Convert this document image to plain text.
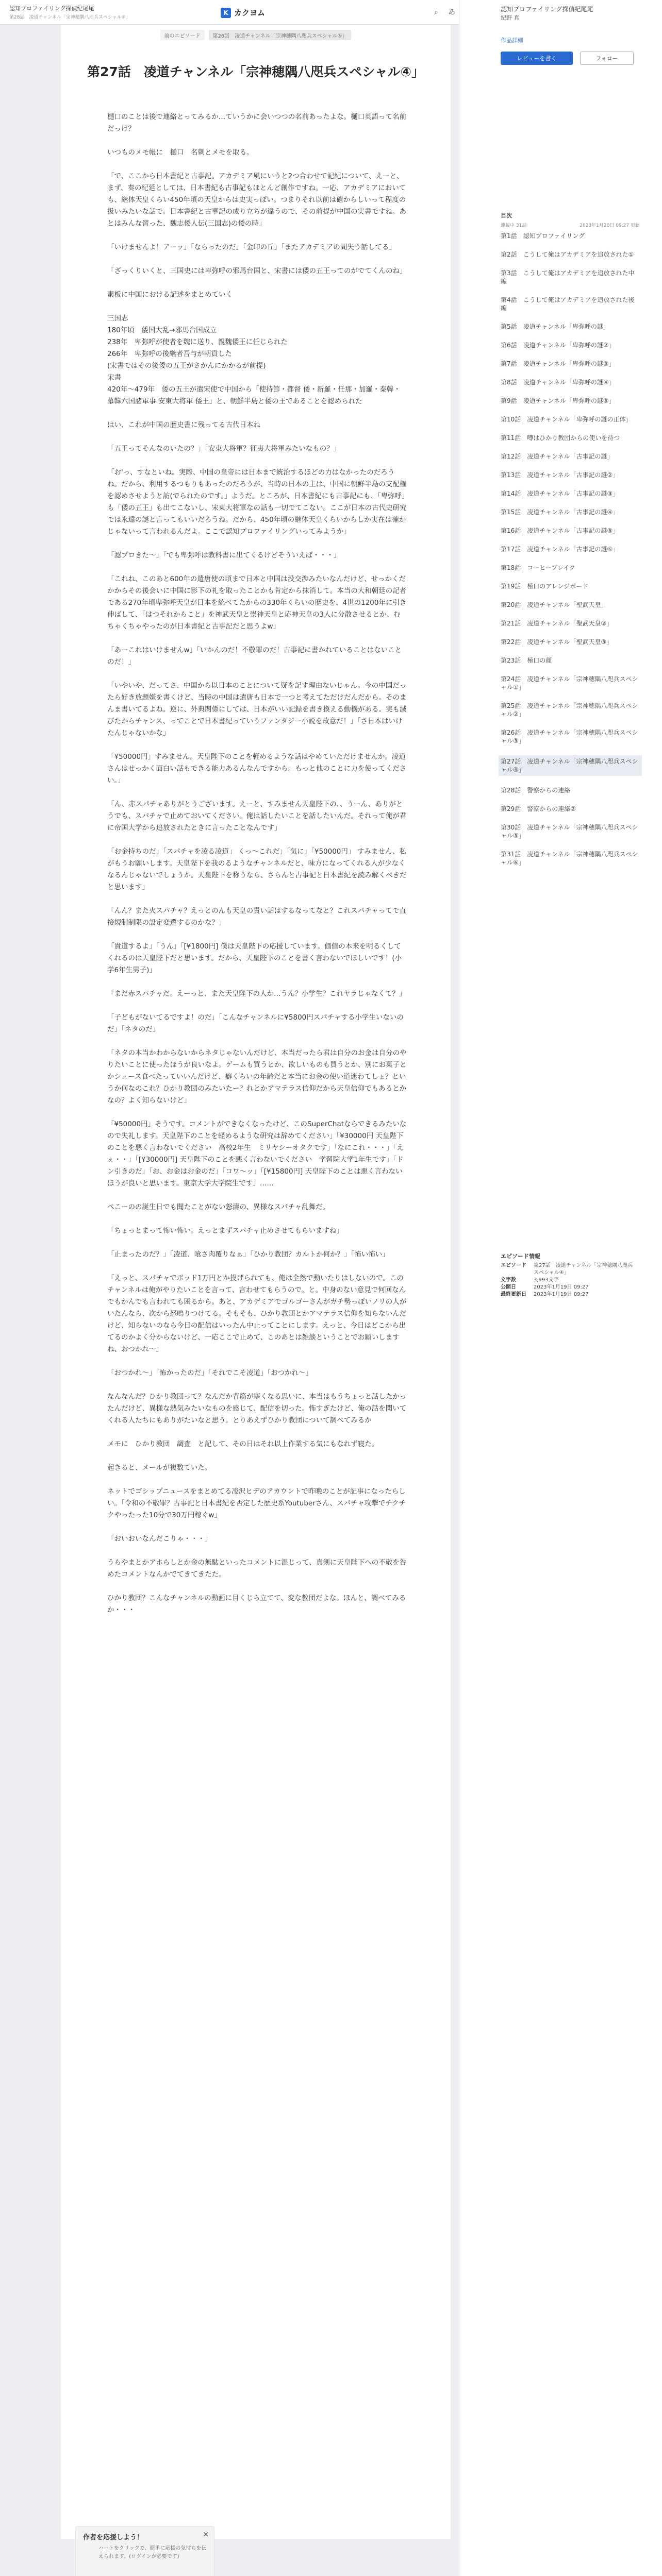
認知プロファイリング探偵纪尾尾
第28話　凌道チャンネル「宗神穂隅八咫兵スペシャル④」
K カクヨム	⌕	あ
前のエピソード	第26話　凌道チャンネル「宗神穂隅八咫兵スペシャル⑤」
第27話　凌道チャンネル「宗神穂隅八咫兵スペシャル④」

樋口のことは後で連絡とってみるか…ていうかに会いつつの名前あったよな。樋口英語って名前だっけ？

いつものメモ帳に　樋口　名刺とメモを取る。

「で、ここから日本書紀と古事記。アカデミア風にいうと2つ合わせて記紀について、えーと、まず、奏の紀延としては、日本書紀も古事記もほとんど創作ですね。一応、アカデミアにおいても、継体天皇くらい450年頃の天皇からは史実っぽい。つまりそれ以前は確からしいって程度の扱いみたいな話で。日本書紀と古事記の成り立ちが違うので、その前提が中国の実書ですね。あとはみんな習った、魏志倭人伝(三国志)の倭の時」

「いけませんよ！アーッ」「ならったのだ」「金印の丘」「またアカデミアの間失う話してる」

「ざっくりいくと、三国史には卑弥呼の邪馬台国と、宋書には倭の五王ってのがでてくんのね」

素板に中国における記述をまとめていく

三国志
180年頃　倭国大乱→邪馬台国成立
238年　卑弥呼が使者を魏に送り、親魏倭王に任じられた
266年　卑弥呼の後継者吾与が朝貢した
(宋書ではその後倭の五王がさかんにかかるが前提)
宋書
420年〜479年　倭の五王が遣宋使で中国から「使持節・都督 倭・新羅・任那・加羅・秦韓・慕韓六国諸軍事 安東大将軍 倭王」と、朝鮮半島と倭の王であることを認められた

はい、これが中国の歴史書に残ってる古代日本ね

「五王ってそんなのいたの？」「安東大将軍？征夷大将軍みたいなもの？」

「お'っ、すなといね。実際、中国の皇帝には日本まで統治するほどの力はなかったのだろうね。だから、利用するつもりもあったのだろうが、当時の日本の主は、中国に朝鮮半島の支配権を認めさせようと訪(でられたのです。」ようだ。ところが、日本書紀にも古事記にも、「卑弥呼」も「倭の五王」も出てこないし、宋東大将軍なの話も一切でてこない。ここが日本の古代史研究では永遠の謎と言ってもいいだろうね。だから、450年頃の継体天皇くらいからしか実在は確かじゃないって言われるんだよ。ここで認知プロファイリングいってみようか」

「認プロきた～」「でも卑弥呼は教科書に出てくるけどそういえば・・・」

「これね、このあと600年の遣唐使の頃まで日本と中国は没交渉みたいなんだけど、せっかくだかからその後会いに中国に影下の礼を取ったことかも肯定から抹消して。本当の大和朝廷の記者である270年頃卑弥呼天皇が日本を統べてたからの330年くらいの歴史を、4世の1200年に引き伸ばして、「はつそれからこと」を神武天皇と崇神天皇と応神天皇の3人に分散させるとか、むちゃくちゃやったのが日本書紀と古事記だと思うよw」

「あーこれはいけませんw」「いかんのだ！不敬罪のだ！古事記に書かれていることはないことのだ！」

「いやいや、だってさ、中国から以日本のことについて疑を記す理由ないじゃん。今の中国だったら好き放題嫌を書くけど、当時の中国は遣唐も日本で一つと考えてただけだんだから。そのまんま書いてるよね。逆に、外典関係にしては、日本がいい記録を書き換える動機がある。実も滅びたからチャンス、ってことで日本書紀っていうファンタジー小説を故意だ！」「さ日本はいけたんじゃないかな」

「¥50000円」すみません。天皇陛下のことを軽めるような話はやめていただけませんか。凌道さんはせっかく面白い話もできる能力あるんなんですから。もっと他のことに力を使ってください。」

「ん、赤スパチャありがとうございます。えーと、すみません天皇陛下の、、うーん、ありがとうでも、スパチャで止めておいてください。俺は話したいことを話したいんだ。それって俺が君に帝国大学から追放されたときに言ったことなんです」

「お金持ちのだ」「スパチャを凌る凌道」 くっ～これだ」「気に」「¥50000円」 すみません、私がもうお願いします。天皇陛下を我のるようなチャンネルだと、味方になってくれる人が少なくなるんじゃないでしょうか。天皇陛下を称うなら、さらんと古事記と日本書紀を読み解くべきだと思います」

「んん？また火スパチャ？えっとのんも天皇の貴い話はするなってなと？これスパチャってで直接規制制限の設定変遷するのかな？」

「貴道するよ」「うん」「[¥1800円] 僕は天皇陛下の応援しています。価値の本来を明るくしてくれるのは天皇陛下だと思います。だから、天皇陛下のことを書く言わないでほしいです！(小学6年生男子)」

「まだ赤スパチャだ。えーっと、また天皇陛下の人か…うん？小学生？これヤラじゃなくて？」

「子どもがないてるですよ！のだ」「こんなチャンネルに¥5800円スパチャする小学生いないのだ」「ネタのだ」

「ネタの本当かわからないからネタじゃないんだけど、本当だったら君は自分のお金は自分のやりたいことに使ったほうが良いなよ。ゲームも買うとか、欲しいものも買うとか、別にお菓子とかシュース食べたっていいんだけど、癖くらいの年齢だと本当にお金の使い道迷わてしょ？というか何なのこれ？ひかり教団のみたいたー？れとかアマテラス信仰だから天皇信仰でもあるとかなの？よく知らないけど」

「¥50000円」そうです。コメントができなくなったけど、このSuperChatならできるみたいなので失礼します。天皇陛下のことを軽めるような研究は辞めてください」「¥30000円 天皇陛下のことを悪く言わないでください　高校2年生　ミリヤシーオタクです」「なにこれ・・・」「えぇ・・」「[¥30000円] 天皇陛下のことを悪く言わないでください　学習院大学1年生です」「ドン引きのだ」「お、お金はお金のだ」「コワ～ッ」「[¥15800円] 天皇陛下のことは悪く言わないほうが良いと思います。東京大学大学院生です」……

ぺこーのの誕生日でも聞たことがない怒濤の、異様なスパチャ乱舞だ。

「ちょっとまって怖い怖い。えっとまずスパチャ止めさせてもらいますね」

「止まったのだ？」「凌道、喰さ肉覆りなぁ」「ひかり教団？カルトか何か？」「怖い怖い」

「えっと、スパチャでボッド1万円とか投げられても、俺は全然で動いたりはしないので。このチャンネルは俺がやりたいことを言って、言わせてもらうので。と。中身のない意見で何回なんでもかんでも言われても困るから。あと、アカデミアでゴルゴーさんがガチ勢っぽいノリの人がいたんなら、次から怒鳴りつけてる。そもそも、ひかり教団とかアマテラス信仰を知らないんだけど、知らないのなら今日の配信はいったん中止ってことにします。えっと、今日はどこから出てるのかよく分からないけど、一応ここで止めて、このあとは雑談ということでお願いしますね、おつかれ～」

「おつかれ～」「怖かったのだ」「それでこそ凌道」「おつかれ～」

なんなんだ？ひかり教団って？なんだか背筋が寒くなる思いに、本当はもうちょっと話したかったんだけど、異様な熱気みたいなものを感じて、配信を切った。怖すぎたけど、俺の話を聞いてくれる人たちにもありがたいなと思う。とりあえずひかり教団について調べてみるか

メモに　ひかり教団　調査　と記して、その日はそれ以上作業する気にもなれず寝た。

起きると、メールが複数ていた。

ネットでゴシップニュースをまとめてる凌沢ヒデのアカウントで昨晩のことが記事になったらしい。「令和の不敬罪？古事記と日本書紀を否定した歴史系Youtuberさん、スパチャ攻撃でチクチクやったった10分で30万円稼ぐw」

「おいおいなんだこりゃ・・・」

うらやまとかアホらしとか金の無駄といったコメントに混じって、真剣に天皇陛下への不敬を咎めたコメントなんかでてきてきたた。

ひかり教団？こんなチャンネルの動画に目くじら立てて、変な教団だよな。ほんと、調べてみるか・・・

作者を応援しよう！	✕
ハートをクリックで、簡単に応援の気持ちを伝えられます。(ログインが必要です)
認知プロファイリング探偵纪尾尾
紀野 真
作品詳細
レビューを書く	フォロー
目次
連載中 31話	2023年1月20日 09:27 更新
第1話　認知プロファイリング
第2話　こうして俺はアカデミアを追放された①
第3話　こうして俺はアカデミアを追放された中編
第4話　こうして俺はアカデミアを追放された後編
第5話　凌道チャンネル「卑弥呼の謎」
第6話　凌道チャンネル「卑弥呼の謎②」
第7話　凌道チャンネル「卑弥呼の謎③」
第8話　凌道チャンネル「卑弥呼の謎④」
第9話　凌道チャンネル「卑弥呼の謎⑤」
第10話　凌道チャンネル「卑弥呼の謎の正体」
第11話　噂はひかり教団からの使いを待つ
第12話　凌道チャンネル「古事記の謎」
第13話　凌道チャンネル「古事記の謎②」
第14話　凌道チャンネル「古事記の謎③」
第15話　凌道チャンネル「古事記の謎④」
第16話　凌道チャンネル「古事記の謎⑤」
第17話　凌道チャンネル「古事記の謎⑥」
第18話　コーヒーブレイク
第19話　極口のアレンジボード
第20話　凌道チャンネル「聖武天皇」
第21話　凌道チャンネル「聖武天皇②」
第22話　凌道チャンネル「聖武天皇③」
第23話　極口の顔
第24話　凌道チャンネル「宗神穂隅八咫兵スペシャル①」
第25話　凌道チャンネル「宗神穂隅八咫兵スペシャル②」
第26話　凌道チャンネル「宗神穂隅八咫兵スペシャル③」
第27話　凌道チャンネル「宗神穂隅八咫兵スペシャル④」
第28話　警察からの連絡
第29話　警察からの連絡②
第30話　凌道チャンネル「宗神穂隅八咫兵スペシャル⑤」
第31話　凌道チャンネル「宗神穂隅八咫兵スペシャル⑥」
エピソード情報
エピソード	第27話　凌道チャンネル「宗神穂隅八咫兵スペシャル④」
文字数	3,993文字
公開日	2023年1月19日 09:27
最終更新日	2023年1月19日 09:27
